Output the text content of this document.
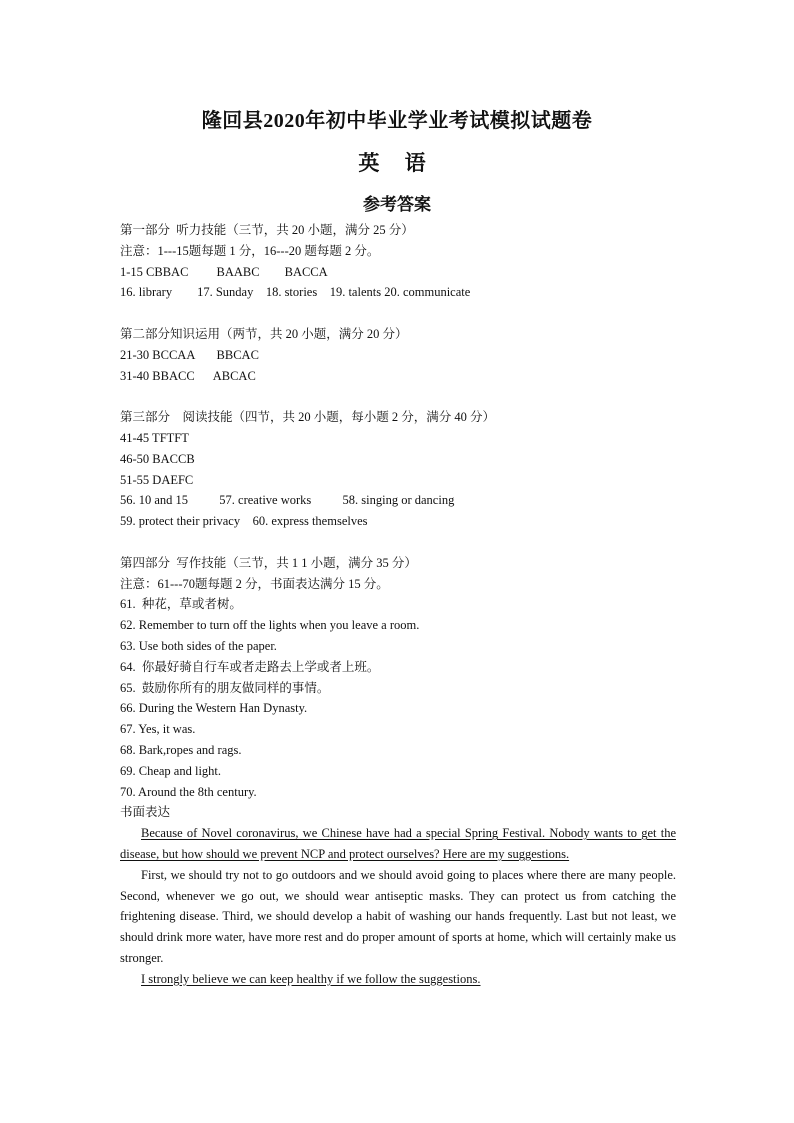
隆回县2020年初中毕业学业考试模拟试题卷
英 语
参考答案
第一部分  听力技能（三节，共 20 小题，满分 25 分）
注意：1---15题每题 1 分，16---20 题每题 2 分。
1-15 CBBAC         BAABC        BACCA
16. library        17. Sunday    18. stories    19. talents 20. communicate
第二部分知识运用（两节，共 20 小题，满分 20 分）
21-30 BCCAA       BBCAC
31-40 BBACC      ABCAC
第三部分    阅读技能（四节，共 20 小题，每小题 2 分，满分 40 分）
41-45 TFTFT
46-50 BACCB
51-55 DAEFC
56. 10 and 15          57. creative works          58. singing or dancing
59. protect their privacy    60. express themselves
第四部分  写作技能（三节，共 1 1 小题，满分 35 分）
注意：61---70题每题 2 分，书面表达满分 15 分。
61.  种花，草或者树。
62. Remember to turn off the lights when you leave a room.
63. Use both sides of the paper.
64.  你最好骑自行车或者走路去上学或者上班。
65.  鼓励你所有的朋友做同样的事情。
66. During the Western Han Dynasty.
67. Yes, it was.
68. Bark,ropes and rags.
69. Cheap and light.
70. Around the 8th century.
书面表达
Because of Novel coronavirus, we Chinese have had a special Spring Festival. Nobody wants to get the disease, but how should we prevent NCP and protect ourselves? Here are my suggestions.
First, we should try not to go outdoors and we should avoid going to places where there are many people. Second, whenever we go out, we should wear antiseptic masks. They can protect us from catching the frightening disease. Third, we should develop a habit of washing our hands frequently. Last but not least, we should drink more water, have more rest and do proper amount of sports at home, which will certainly make us stronger.
I strongly believe we can keep healthy if we follow the suggestions.
